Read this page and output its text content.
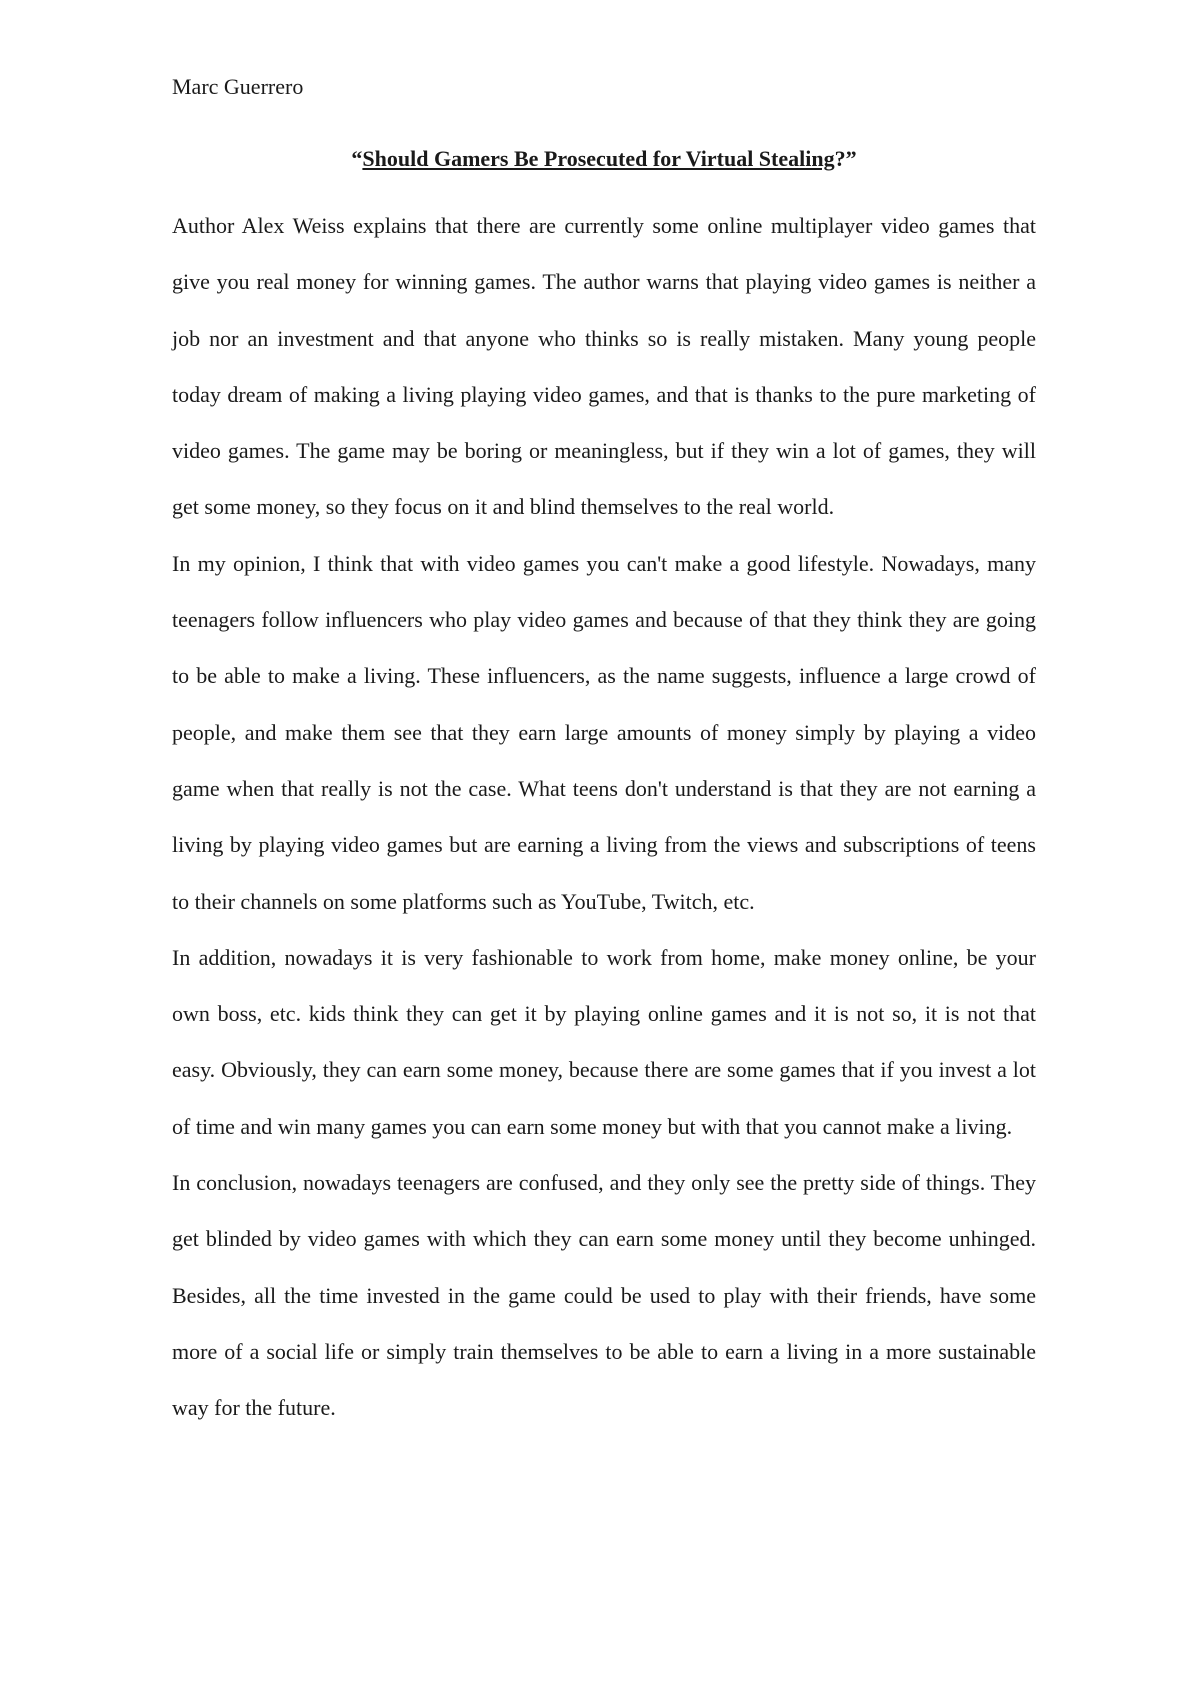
Marc Guerrero
“Should Gamers Be Prosecuted for Virtual Stealing?”

Author Alex Weiss explains that there are currently some online multiplayer video games that give you real money for winning games. The author warns that playing video games is neither a job nor an investment and that anyone who thinks so is really mistaken. Many young people today dream of making a living playing video games, and that is thanks to the pure marketing of video games. The game may be boring or meaningless, but if they win a lot of games, they will get some money, so they focus on it and blind themselves to the real world.

In my opinion, I think that with video games you can't make a good lifestyle. Nowadays, many teenagers follow influencers who play video games and because of that they think they are going to be able to make a living. These influencers, as the name suggests, influence a large crowd of people, and make them see that they earn large amounts of money simply by playing a video game when that really is not the case. What teens don't understand is that they are not earning a living by playing video games but are earning a living from the views and subscriptions of teens to their channels on some platforms such as YouTube, Twitch, etc.

In addition, nowadays it is very fashionable to work from home, make money online, be your own boss, etc. kids think they can get it by playing online games and it is not so, it is not that easy. Obviously, they can earn some money, because there are some games that if you invest a lot of time and win many games you can earn some money but with that you cannot make a living.

In conclusion, nowadays teenagers are confused, and they only see the pretty side of things. They get blinded by video games with which they can earn some money until they become unhinged. Besides, all the time invested in the game could be used to play with their friends, have some more of a social life or simply train themselves to be able to earn a living in a more sustainable way for the future.
